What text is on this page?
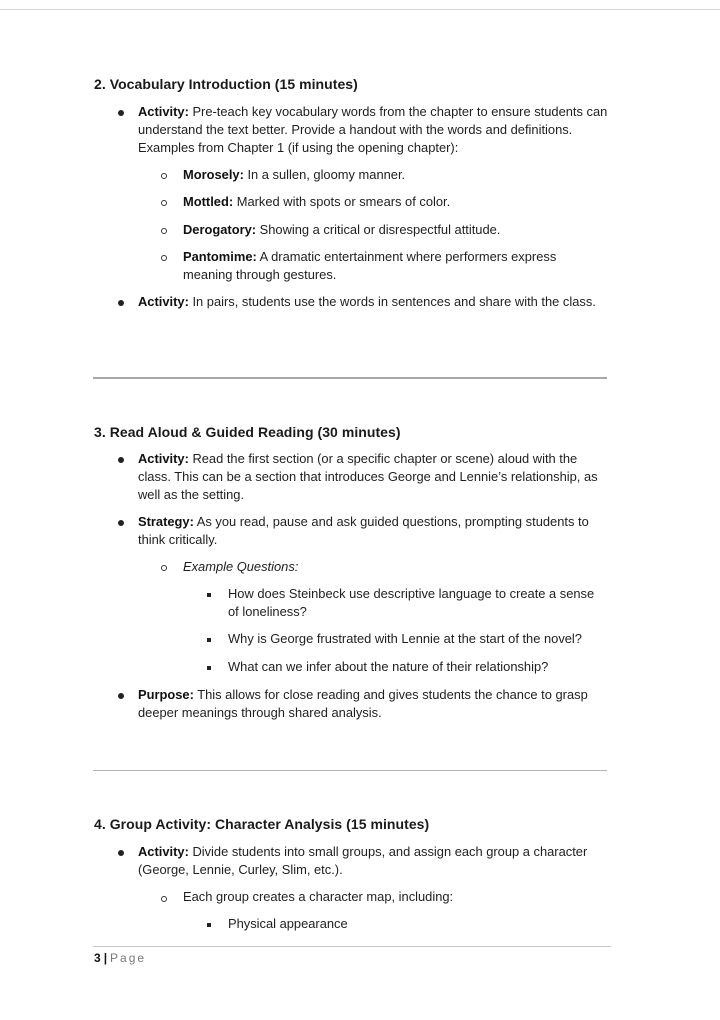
2. Vocabulary Introduction (15 minutes)
Activity: Pre-teach key vocabulary words from the chapter to ensure students can understand the text better. Provide a handout with the words and definitions. Examples from Chapter 1 (if using the opening chapter):
Morosely: In a sullen, gloomy manner.
Mottled: Marked with spots or smears of color.
Derogatory: Showing a critical or disrespectful attitude.
Pantomime: A dramatic entertainment where performers express meaning through gestures.
Activity: In pairs, students use the words in sentences and share with the class.
3. Read Aloud & Guided Reading (30 minutes)
Activity: Read the first section (or a specific chapter or scene) aloud with the class. This can be a section that introduces George and Lennie’s relationship, as well as the setting.
Strategy: As you read, pause and ask guided questions, prompting students to think critically.
Example Questions:
How does Steinbeck use descriptive language to create a sense of loneliness?
Why is George frustrated with Lennie at the start of the novel?
What can we infer about the nature of their relationship?
Purpose: This allows for close reading and gives students the chance to grasp deeper meanings through shared analysis.
4. Group Activity: Character Analysis (15 minutes)
Activity: Divide students into small groups, and assign each group a character (George, Lennie, Curley, Slim, etc.).
Each group creates a character map, including:
Physical appearance
3 | Page
